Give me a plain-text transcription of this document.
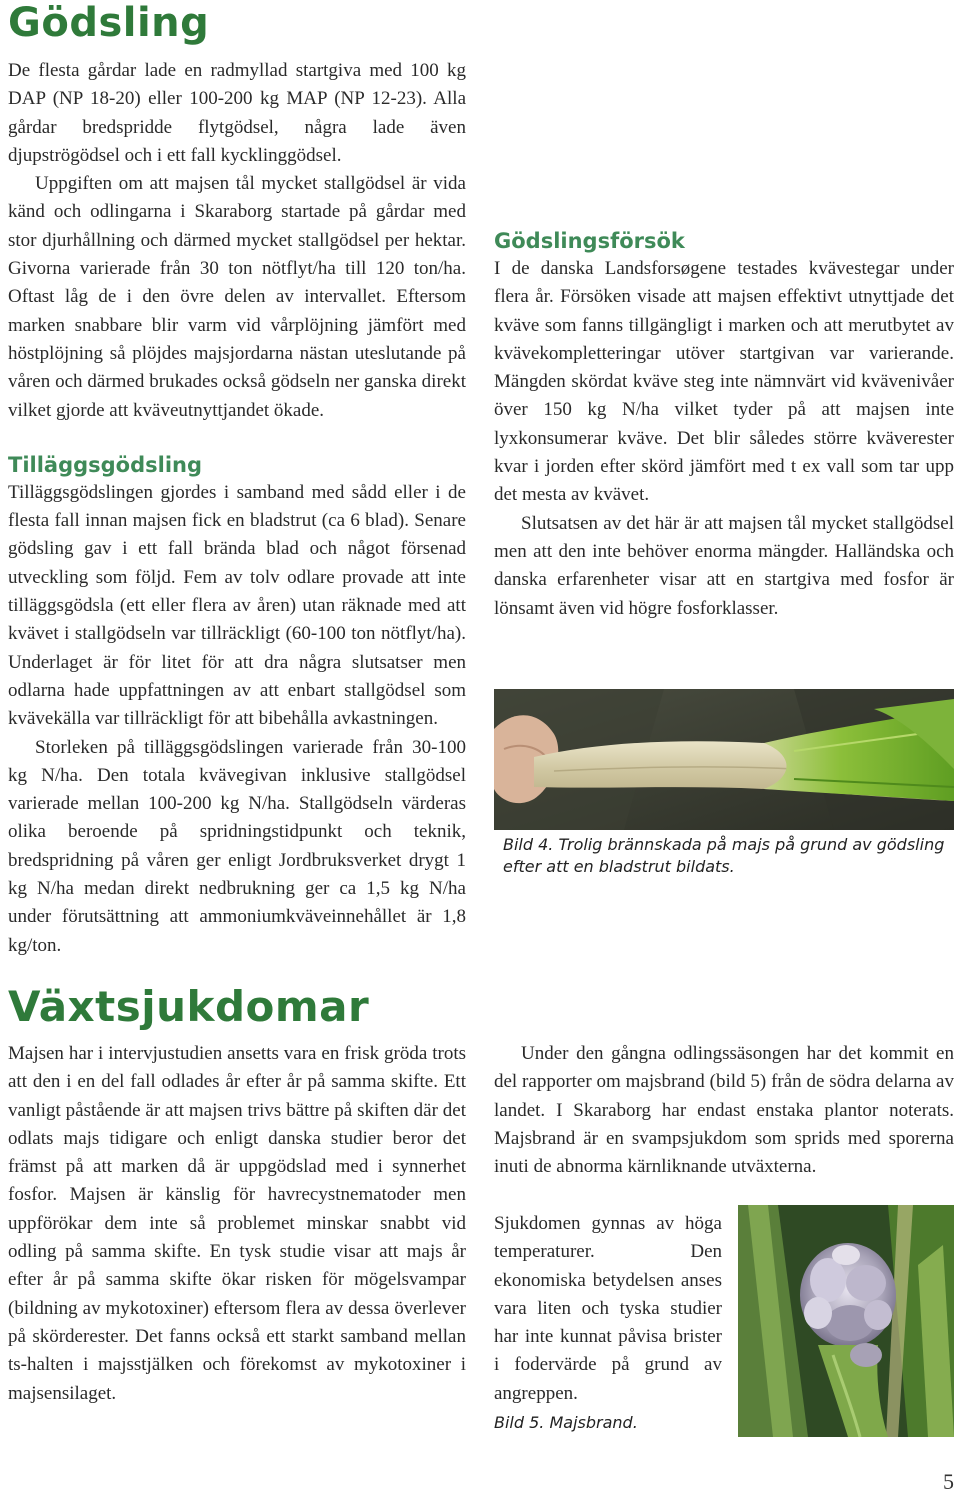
Gödsling

De flesta gårdar lade en radmyllad startgiva med 100 kg DAP (NP 18-20) eller 100-200 kg MAP (NP 12-23). Alla gårdar bredspridde flytgödsel, några lade även djupströgödsel och i ett fall kycklinggödsel.

Uppgiften om att majsen tål mycket stallgödsel är vida känd och odlingarna i Skaraborg startade på gårdar med stor djurhållning och därmed mycket stallgödsel per hektar. Givorna varierade från 30 ton nötflyt/ha till 120 ton/ha. Oftast låg de i den övre delen av intervallet. Eftersom marken snabbare blir varm vid vårplöjning jämfört med höstplöjning så plöjdes majsjordarna nästan uteslutande på våren och därmed brukades också gödseln ner ganska direkt vilket gjorde att kväveutnyttjandet ökade.

Tilläggsgödsling

Tilläggsgödslingen gjordes i samband med sådd eller i de flesta fall innan majsen fick en bladstrut (ca 6 blad). Senare gödsling gav i ett fall brända blad och något försenad utveckling som följd. Fem av tolv odlare provade att inte tilläggsgödsla (ett eller flera av åren) utan räknade med att kvävet i stallgödseln var tillräckligt (60-100 ton nötflyt/ha). Underlaget är för litet för att dra några slutsatser men odlarna hade uppfattningen av att enbart stallgödsel som kvävekälla var tillräckligt för att bibehålla avkastningen.

Storleken på tilläggsgödslingen varierade från 30-100 kg N/ha. Den totala kvävegivan inklusive stallgödsel varierade mellan 100-200 kg N/ha. Stallgödseln värderas olika beroende på spridningstidpunkt och teknik, bredspridning på våren ger enligt Jordbruksverket drygt 1 kg N/ha medan direkt nedbrukning ger ca 1,5 kg N/ha under förutsättning att ammoniumkväveinnehållet är 1,8 kg/ton.

Gödslingsförsök

I de danska Landsforsøgene testades kvävestegar under flera år. Försöken visade att majsen effektivt utnyttjade det kväve som fanns tillgängligt i marken och att merutbytet av kvävekompletteringar utöver startgivan var varierande. Mängden skördat kväve steg inte nämnvärt vid kvävenivåer över 150 kg N/ha vilket tyder på att majsen inte lyxkonsumerar kväve. Det blir således större kväverester kvar i jorden efter skörd jämfört med t ex vall som tar upp det mesta av kvävet.

Slutsatsen av det här är att majsen tål mycket stallgödsel men att den inte behöver enorma mängder. Halländska och danska erfarenheter visar att en startgiva med fosfor är lönsamt även vid högre fosforklasser.

Bild 4. Trolig brännskada på majs på grund av gödsling efter att en bladstrut bildats.
Växtsjukdomar

Majsen har i intervjustudien ansetts vara en frisk gröda trots att den i en del fall odlades år efter år på samma skifte. Ett vanligt påstående är att majsen trivs bättre på skiften där det odlats majs tidigare och enligt danska studier beror det främst på att marken då är uppgödslad med i synnerhet fosfor. Majsen är känslig för havrecystnematoder men uppförökar dem inte så problemet minskar snabbt vid odling på samma skifte. En tysk studie visar att majs år efter år på samma skifte ökar risken för mögelsvampar (bildning av mykotoxiner) eftersom flera av dessa överlever på skörderester. Det fanns också ett starkt samband mellan ts-halten i majsstjälken och förekomst av mykotoxiner i majsensilaget.

Under den gångna odlingssäsongen har det kommit en del rapporter om majsbrand (bild 5) från de södra delarna av landet. I Skaraborg har endast enstaka plantor noterats. Majsbrand är en svampsjukdom som sprids med sporerna inuti de abnorma kärnliknande utväxterna.

Sjukdomen gynnas av höga temperaturer. Den ekonomiska betydelsen anses vara liten och tyska studier har inte kunnat påvisa brister i fodervärde på grund av angreppen.

Bild 5. Majsbrand.
5
